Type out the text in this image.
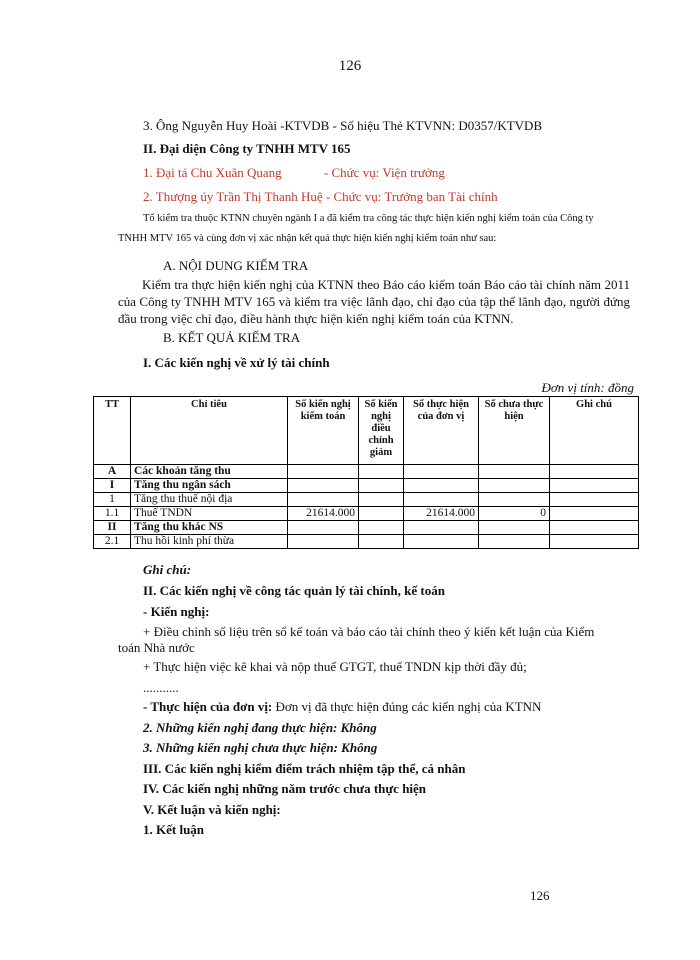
126
3. Ông Nguyễn Huy Hoài -KTVDB - Số hiệu Thẻ KTVNN: D0357/KTVDB
II. Đại diện Công ty TNHH MTV 165
1. Đại tá Chu Xuân Quang             - Chức vụ: Viện trưởng
2. Thượng úy Trần Thị Thanh Huệ - Chức vụ: Trưởng ban Tài chính
Tổ kiểm tra thuộc KTNN chuyên ngành I a đã kiểm tra công tác thực hiện kiến nghị kiểm toán của Công ty
TNHH MTV 165 và cùng đơn vị xác nhận kết quả thực hiện kiến nghị kiểm toán như sau:
A. NỘI DUNG KIỂM TRA
Kiểm tra thực hiện kiến nghị của KTNN theo Báo cáo kiểm toán Báo cáo tài chính năm 2011 của Công ty TNHH MTV 165 và kiểm tra việc lãnh đạo, chỉ đạo của tập thể lãnh đạo, người đứng đầu trong việc chỉ đạo, điều hành thực hiện kiến nghị kiểm toán của KTNN.
B. KẾT QUẢ KIỂM TRA
I. Các kiến nghị về xử lý tài chính
Đơn vị tính: đồng
TT	Chỉ tiêu	Số kiến nghị kiểm toán	Số kiến nghị điều chỉnh giảm	Số thực hiện của đơn vị	Số chưa thực hiện	Ghi chú
A	Các khoản tăng thu					
I	Tăng thu ngân sách					
1	Tăng thu thuế nội địa					
1.1	Thuế TNDN	21614.000		21614.000	0	
II	Tăng thu khác NS					
2.1	Thu hồi kinh phí thừa					
Ghi chú:
II. Các kiến nghị về công tác quản lý tài chính, kế toán
- Kiến nghị:
+ Điều chỉnh số liệu trên sổ kế toán và báo cáo tài chính theo ý kiến kết luận của Kiểm
toán Nhà nước
+ Thực hiện việc kê khai và nộp thuế GTGT, thuế TNDN kịp thời đầy đủ;
...........
- Thực hiện của đơn vị: Đơn vị đã thực hiện đúng các kiến nghị của KTNN
2. Những kiến nghị đang thực hiện: Không
3. Những kiến nghị chưa thực hiện: Không
III. Các kiến nghị kiểm điểm trách nhiệm tập thể, cá nhân
IV. Các kiến nghị những năm trước chưa thực hiện
V. Kết luận và kiến nghị:
1. Kết luận
126
